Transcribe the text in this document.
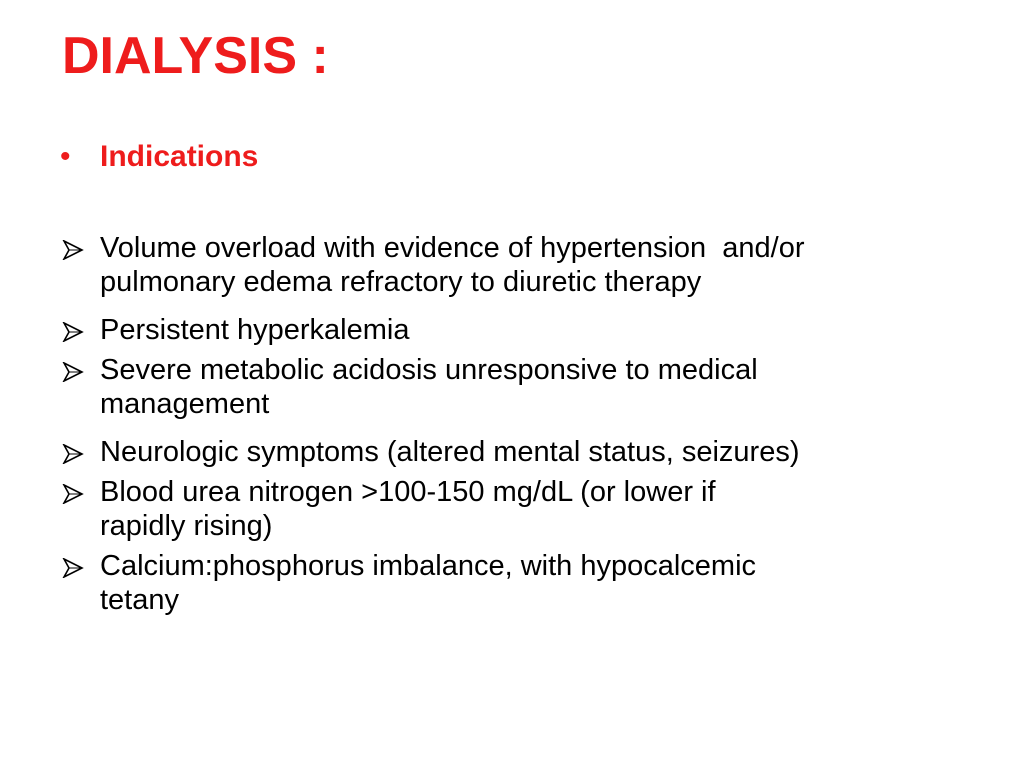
DIALYSIS :
• Indications
Volume overload with evidence of hypertension  and/or
pulmonary edema refractory to diuretic therapy
Persistent hyperkalemia
Severe metabolic acidosis unresponsive to medical
management
Neurologic symptoms (altered mental status, seizures)
Blood urea nitrogen >100-150 mg/dL (or lower if
rapidly rising)
Calcium:phosphorus imbalance, with hypocalcemic
tetany
